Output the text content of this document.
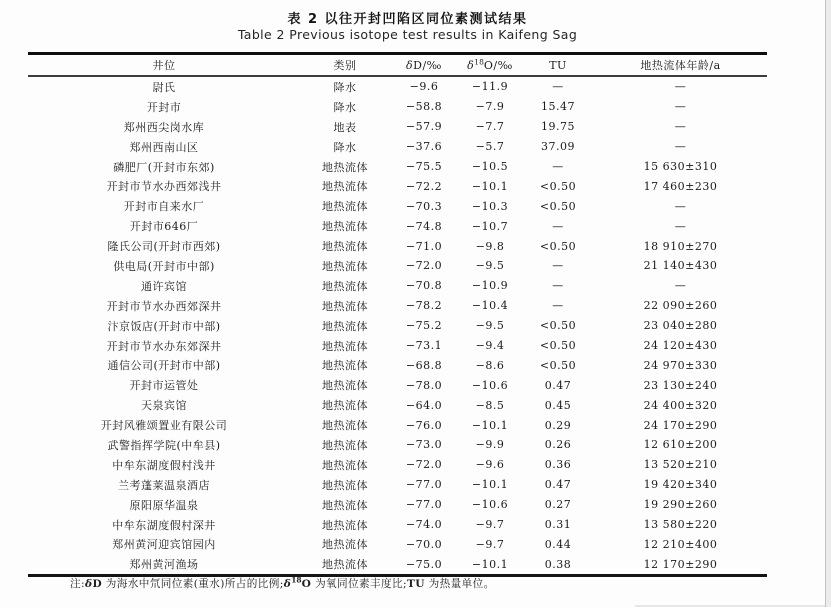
表 2 以往开封凹陷区同位素测试结果
Table 2 Previous isotope test results in Kaifeng Sag
井位	类别	δD/‰	$\delta^{18}O/‰$	TU	地热流体年龄/a
尉氏	降水	−9.6	−11.9	—	—
开封市	降水	−58.8	−7.9	15.47	—
郑州西尖岗水库	地表	−57.9	−7.7	19.75	—
郑州西南山区	降水	−37.6	−5.7	37.09	—
磷肥厂(开封市东郊)	地热流体	−75.5	−10.5	—	15 630±310
开封市节水办西郊浅井	地热流体	−72.2	−10.1	<0.50	17 460±230
开封市自来水厂	地热流体	−70.3	−10.3	<0.50	—
开封市646厂	地热流体	−74.8	−10.7	—	—
隆氏公司(开封市西郊)	地热流体	−71.0	−9.8	<0.50	18 910±270
供电局(开封市中部)	地热流体	−72.0	−9.5	—	21 140±430
通许宾馆	地热流体	−70.8	−10.9	—	—
开封市节水办西郊深井	地热流体	−78.2	−10.4	—	22 090±260
汴京饭店(开封市中部)	地热流体	−75.2	−9.5	<0.50	23 040±280
开封市节水办东郊深井	地热流体	−73.1	−9.4	<0.50	24 120±430
通信公司(开封市中部)	地热流体	−68.8	−8.6	<0.50	24 970±330
开封市运管处	地热流体	−78.0	−10.6	0.47	23 130±240
天泉宾馆	地热流体	−64.0	−8.5	0.45	24 400±320
开封风雅颂置业有限公司	地热流体	−76.0	−10.1	0.29	24 170±290
武警指挥学院(中牟县)	地热流体	−73.0	−9.9	0.26	12 610±200
中牟东湖度假村浅井	地热流体	−72.0	−9.6	0.36	13 520±210
兰考蓬莱温泉酒店	地热流体	−77.0	−10.1	0.47	19 420±340
原阳原华温泉	地热流体	−77.0	−10.6	0.27	19 290±260
中牟东湖度假村深井	地热流体	−74.0	−9.7	0.31	13 580±220
郑州黄河迎宾馆园内	地热流体	−70.0	−9.7	0.44	12 210±400
郑州黄河渔场	地热流体	−75.0	−10.1	0.38	12 170±290
注:δD 为海水中氘同位素(重水)所占的比例$;\delta^{18}O$ 为氧同位素丰度比;TU 为热量单位。
